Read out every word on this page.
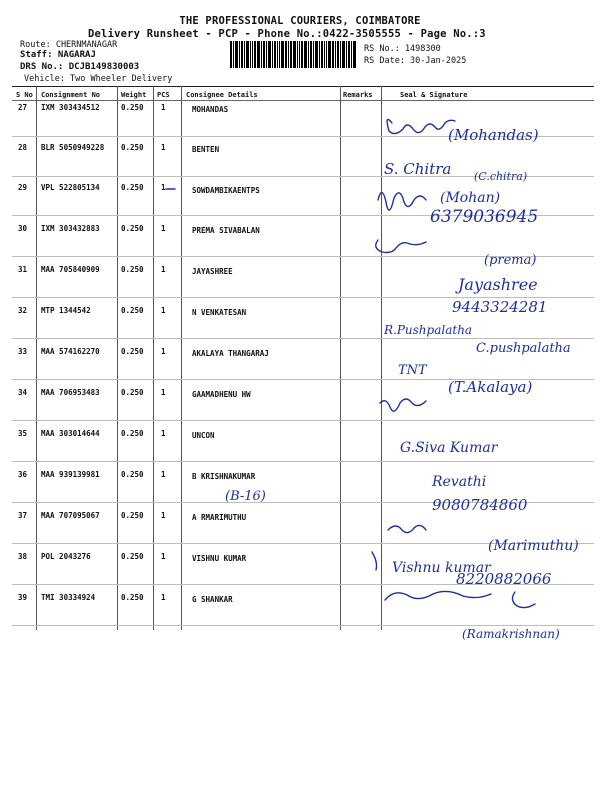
THE PROFESSIONAL COURIERS, COIMBATORE
Delivery Runsheet - PCP - Phone No.:0422-3505555 - Page No.:3
Route: CHERNMANAGAR
Staff: NAGARAJ
DRS No.: DCJB149830003
Vehicle: Two Wheeler Delivery
RS No.: 1498300
RS Date: 30-Jan-2025
S No Consignment No	Weight PCS Consignee Details	Remarks	Seal & Signature
27 IXM 303434512	0.250 1	MOHANDAS
28 BLR 5050949228 0.250 1	BENTEN
29 VPL 522805134	0.250 1	SOWDAMBIKAENTPS
30 IXM 303432883	0.250 1	PREMA SIVABALAN
31 MAA 705840909	0.250 1	JAYASHREE
32 MTP 1344542	0.250 1	N VENKATESAN
33 MAA 574162270	0.250 1	AKALAYA THANGARAJ
34 MAA 706953483	0.250 1	GAAMADHENU HW
35 MAA 303014644	0.250 1	UNCON
36 MAA 939139981	0.250 1	B KRISHNAKUMAR
37 MAA 707095067	0.250 1	A RMARIMUTHU
38 POL 2043276	0.250 1	VISHNU KUMAR
39 TMI 30334924	0.250 1	G SHANKAR
(Mohandas)
S. Chitra (C.chitra)
(Mohan)
6379036945
(prema)
Jayashree
9443324281
R.Pushpalatha
C.pushpalatha
TNT
(T.Akalaya)
G.Siva Kumar
(B-16)
Revathi
9080784860
(Marimuthu)
Vishnu kumar
8220882066
(Ramakrishnan)
